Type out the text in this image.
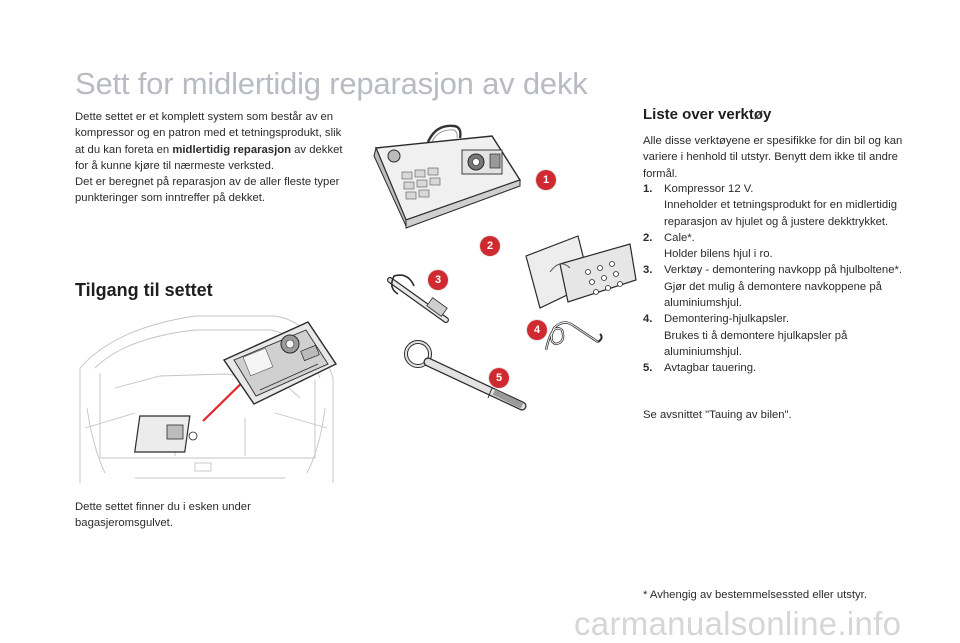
Sett for midlertidig reparasjon av dekk

Dette settet er et komplett system som består av en kompressor og en patron med et tetningsprodukt, slik at du kan foreta en midlertidig reparasjon av dekket for å kunne kjøre til nærmeste verksted.

Det er beregnet på reparasjon av de aller fleste typer punkteringer som inntreffer på dekket.

Tilgang til settet
Dette settet finner du i esken under bagasjeromsgulvet.
Liste over verktøy
Alle disse verktøyene er spesifikke for din bil og kan variere i henhold til utstyr. Benytt dem ikke til andre formål.
1.	Kompressor 12 V.
Inneholder et tetningsprodukt for en midlertidig reparasjon av hjulet og å justere dekktrykket.
2.	Cale*.
Holder bilens hjul i ro.
3.	Verktøy - demontering navkopp på hjulboltene*.
Gjør det mulig å demontere navkoppene på aluminiumshjul.
4.	Demontering-hjulkapsler.
Brukes ti å demontere hjulkapsler på aluminiumshjul.
5.	Avtagbar tauering.
Se avsnittet "Tauing av bilen".
* Avhengig av bestemmelsessted eller utstyr.
1
2
3
4
5
carmanualsonline.info
